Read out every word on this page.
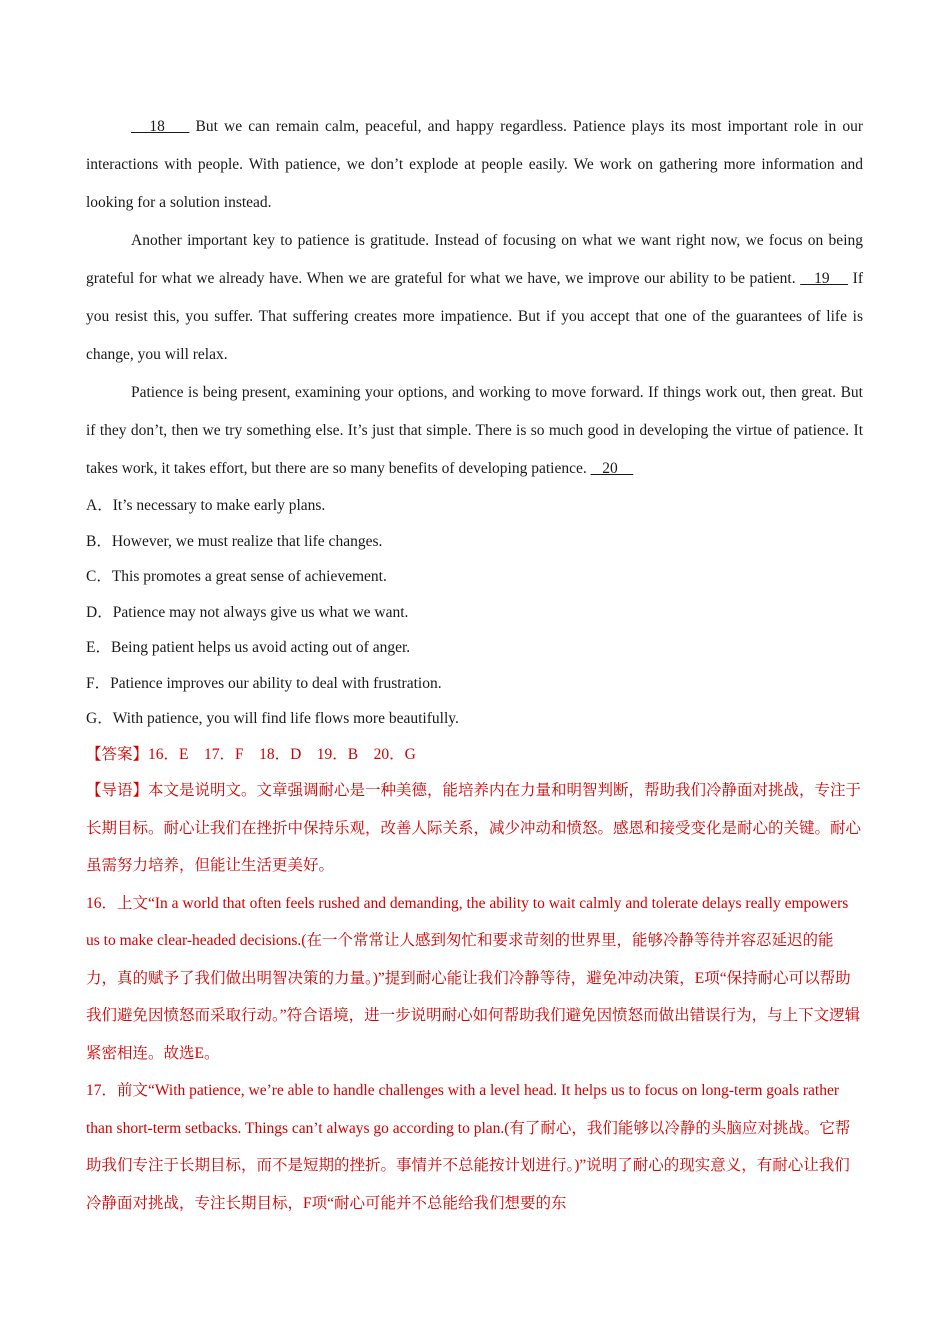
18     But we can remain calm, peaceful, and happy regardless. Patience plays its most important role in our interactions with people. With patience, we don’t explode at people easily. We work on gathering more information and looking for a solution instead.

Another important key to patience is gratitude. Instead of focusing on what we want right now, we focus on being grateful for what we already have. When we are grateful for what we have, we improve our ability to be patient.    19     If you resist this, you suffer. That suffering creates more impatience. But if you accept that one of the guarantees of life is change, you will relax.

Patience is being present, examining your options, and working to move forward. If things work out, then great. But if they don’t, then we try something else. It’s just that simple. There is so much good in developing the virtue of patience. It takes work, it takes effort, but there are so many benefits of developing patience.    20

A．It’s necessary to make early plans.

B．However, we must realize that life changes.

C．This promotes a great sense of achievement.

D．Patience may not always give us what we want.

E．Being patient helps us avoid acting out of anger.

F．Patience improves our ability to deal with frustration.

G．With patience, you will find life flows more beautifully.

【答案】16．E　17．F　18．D　19．B　20．G

【导语】本文是说明文。文章强调耐心是一种美德，能培养内在力量和明智判断，帮助我们冷静面对挑战，专注于长期目标。耐心让我们在挫折中保持乐观，改善人际关系，减少冲动和愤怒。感恩和接受变化是耐心的关键。耐心虽需努力培养，但能让生活更美好。

16．上文“In a world that often feels rushed and demanding, the ability to wait calmly and tolerate delays really empowers us to make clear-headed decisions.(在一个常常让人感到匆忙和要求苛刻的世界里，能够冷静等待并容忍延迟的能力，真的赋予了我们做出明智决策的力量。)”提到耐心能让我们冷静等待，避免冲动决策，E项“保持耐心可以帮助我们避免因愤怒而采取行动。”符合语境，进一步说明耐心如何帮助我们避免因愤怒而做出错误行为，与上下文逻辑紧密相连。故选E。

17．前文“With patience, we’re able to handle challenges with a level head. It helps us to focus on long-term goals rather than short-term setbacks. Things can’t always go according to plan.(有了耐心，我们能够以冷静的头脑应对挑战。它帮助我们专注于长期目标，而不是短期的挫折。事情并不总能按计划进行。)”说明了耐心的现实意义，有耐心让我们冷静面对挑战，专注长期目标，F项“耐心可能并不总能给我们想要的东
